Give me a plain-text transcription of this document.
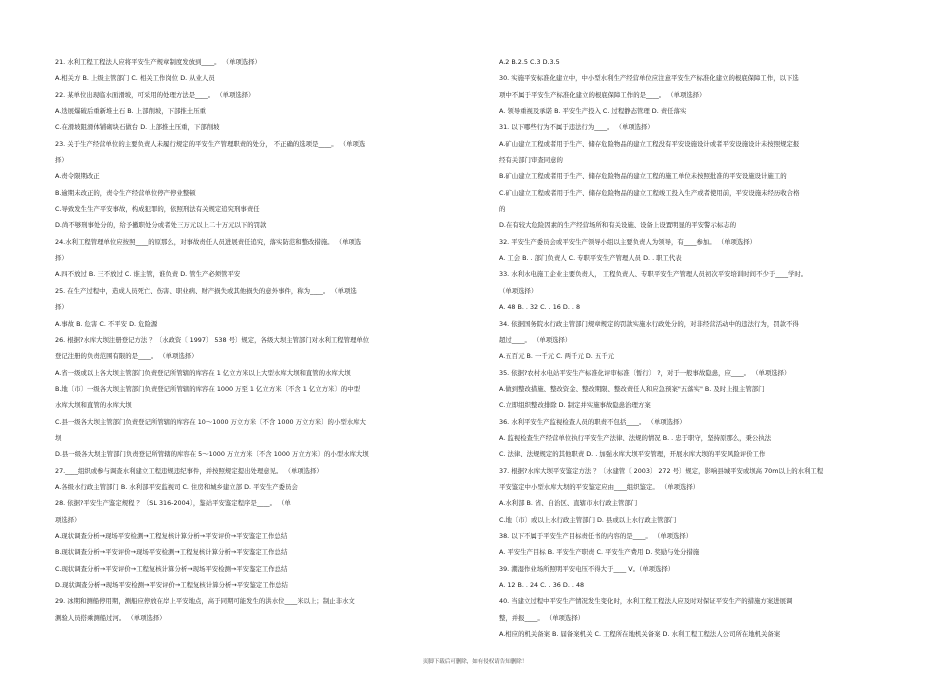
21. 水利工程工程法人应将平安生产规章制度发放到____。 （单项选择）
A.相关方 B. 上级主管部门 C. 相关工作岗位 D. 从业人员
22. 某单位出现临水面滑坡，可采用的处理方法是____。 （单项选择）
A.迭展爆破后重新堆土石 B. 上部削坡，下部推土压重
C.在滑坡阻滑体铺砌块石做台 D. 上部推土压重，下部削坡
23. 关于生产经营单位的主要负责人未履行规定的平安生产管理职责的处分， 不正确的选项是____。 （单项选
择）
A.责令限期改正
B.逾期未改正的，责令生产经营单位停产停业整顿
C.导致发生生产平安事故，构成犯罪的，依照刑法有关规定追究刑事责任
D.尚不够刑事处分的，给予撤职处分或者处三万元以上二十万元以下的罚款
24.水利工程管理单位应按照____的原那么，对事故责任人员进展责任追究，落实防范和整改措施。 （单项选
择）
A.四不放过 B. 三不放过 C. 谁主管，谁负责 D. 管生产必须管平安
25. 在生产过程中，造成人员死亡、伤害、职业病、财产损失或其他损失的意外事件，称为____。 （单项选
择）
A.事故 B. 危害 C. 不平安 D. 危险源
26. 根据?水库大坝注册登记方法 ？〔水政资〔 1997〕 538 号〕规定，各级大坝主管部门对水利工程管理单位
登记注册的负责范围有限的是____。 （单项选择）
A.省一级或以上各大坝主管部门负责登记所管辖的库容在 1 亿立方米以上大型水库大坝和直管的水库大坝
B.地〔市〕一级各大坝主管部门负责登记所管辖的库容在 1000 万至 1 亿立方米〔不含 1 亿立方米〕的中型
水库大坝和直管的水库大坝
C.县一级各大坝主管部门负责登记所管辖的库容在 10～1000 万立方米〔不含 1000 万立方米〕的小型水库大
坝
D.县一级各大坝主管部门负责登记所管辖的库容在 5～1000 万立方米〔不含 1000 万立方米〕的小型水库大坝
27.____组织或参与调查水利建立工程违规违纪事件，并按照规定提出处理意见。 （单项选择）
A.各级水行政主管部门 B. 水利部平安监视司 C. 住房和城乡建立部 D. 平安生产委员会
28. 依据?平安生产鉴定规程 ？〔SL 316-2004〕，鉴站平安鉴定程序是____。 （单
项选择）
A.现状调查分析→现场平安检测→工程复核计算分析→平安评价→平安鉴定工作总结
B.现状调查分析→平安评价→现场平安检测→工程复核计算分析→平安鉴定工作总结
C.现状调查分析→平安评价→工程复核计算分析→现场平安检测→平安鉴定工作总结
D.现状调查分析→现场平安检测→平安评价→工程复核计算分析→平安鉴定工作总结
29. 冰期和测船停用期，测船应停放在岸上平安地点，高于同期可能发生的洪水位____米以上；制止非水文
测验人员搭乘测船过河。 （单项选择）
A.2 B.2.5 C.3 D.3.5
30. 实施平安标准化建立中，中小型水利生产经营单位应注意平安生产标准化建立的根底保障工作，以下选
项中不属于平安生产标准化建立的根底保障工作的是____。 （单项选择）
A. 领导重视及承诺 B. 平安生产投入 C. 过程静态管理 D. 责任落实
31. 以下哪些行为不属于违法行为____。 （单项选择）
A.矿山建立工程或者用于生产、储存危险物品的建立工程没有平安设施设计或者平安设施设计未按照规定报
经有关部门审查同意的
B.矿山建立工程或者用于生产、储存危险物品的建立工程的施工单位未按照批准的平安设施设计施工的
C.矿山建立工程或者用于生产、储存危险物品的建立工程竣工投入生产或者使用前，平安设施未经历收合格
的
D.在有较大危险因素的生产经营场所和有关设施、设备上设置明显的平安警示标志的
32. 平安生产委员会或平安生产领导小组以主要负责人为领导，有____参加。 （单项选择）
A. 工会 B. . 部门负责人 C. 专职平安生产管理人员 D. . 职工代表
33. 水利水电施工企业主要负责人， 工程负责人、专职平安生产管理人员初次平安培训时间不少于____学时。
（单项选择）
A. 48 B. . 32 C. . 16 D. . 8
34. 依据国务院水行政主管部门规章规定的罚款实施水行政处分的，对非经营活动中的违法行为，罚款不得
超过____。 （单项选择）
A.五百元 B. 一千元 C. 两千元 D. 五千元
35. 依据?农村水电站平安生产标准化评审标准〔暂行〕 ?，对于一般事故隐患，应____。 （单项选择）
A.做到整改措施、整改资金、整改期限、整改责任人和应急预案"五落实" B. 及时上报主管部门
C.立即组织整改排除 D. 制定并实施事故隐患治理方案
36. 水利平安生产监视检查人员的职责不包括____。 （单项选择）
A. 监视检查生产经营单位执行平安生产法律、法规的情况 B. . 忠于职守，坚持原那么，秉公执法
C. 法律、法规规定的其他职责 D. . 加强水库大坝平安管理，开展水库大坝的平安风险评价工作
37. 根据?水库大坝平安鉴定方法 ？〔水建管〔 2003〕 272 号〕规定，影响县城平安或坝高 70m以上的水利工程
平安鉴定中小型水库大坝的平安鉴定应由____组织鉴定。 （单项选择）
A.水利部 B. 省、自治区、直辖市水行政主管部门
C.地〔市〕或以上水行政主管部门 D. 县或以上水行政主管部门
38. 以下不属于平安生产目标责任书的内容的是____。 （单项选择）
A. 平安生产目标 B. 平安生产职责 C. 平安生产费用 D. 奖励与处分措施
39. 潮湿作业场所照明平安电压不得大于____ V。（单项选择）
A. 12 B. . 24 C. . 36 D. . 48
40. 当建立过程中平安生产情况发生变化时，水利工程工程法人应及时对保证平安生产的措施方案进展调
整，并报____。 （单项选择）
A.相应的机关备案 B. 届备案机关 C. 工程所在地机关备案 D. 水利工程工程法人公司所在地机关备案
页脚下载后可删除，如有侵权请告知删除！
